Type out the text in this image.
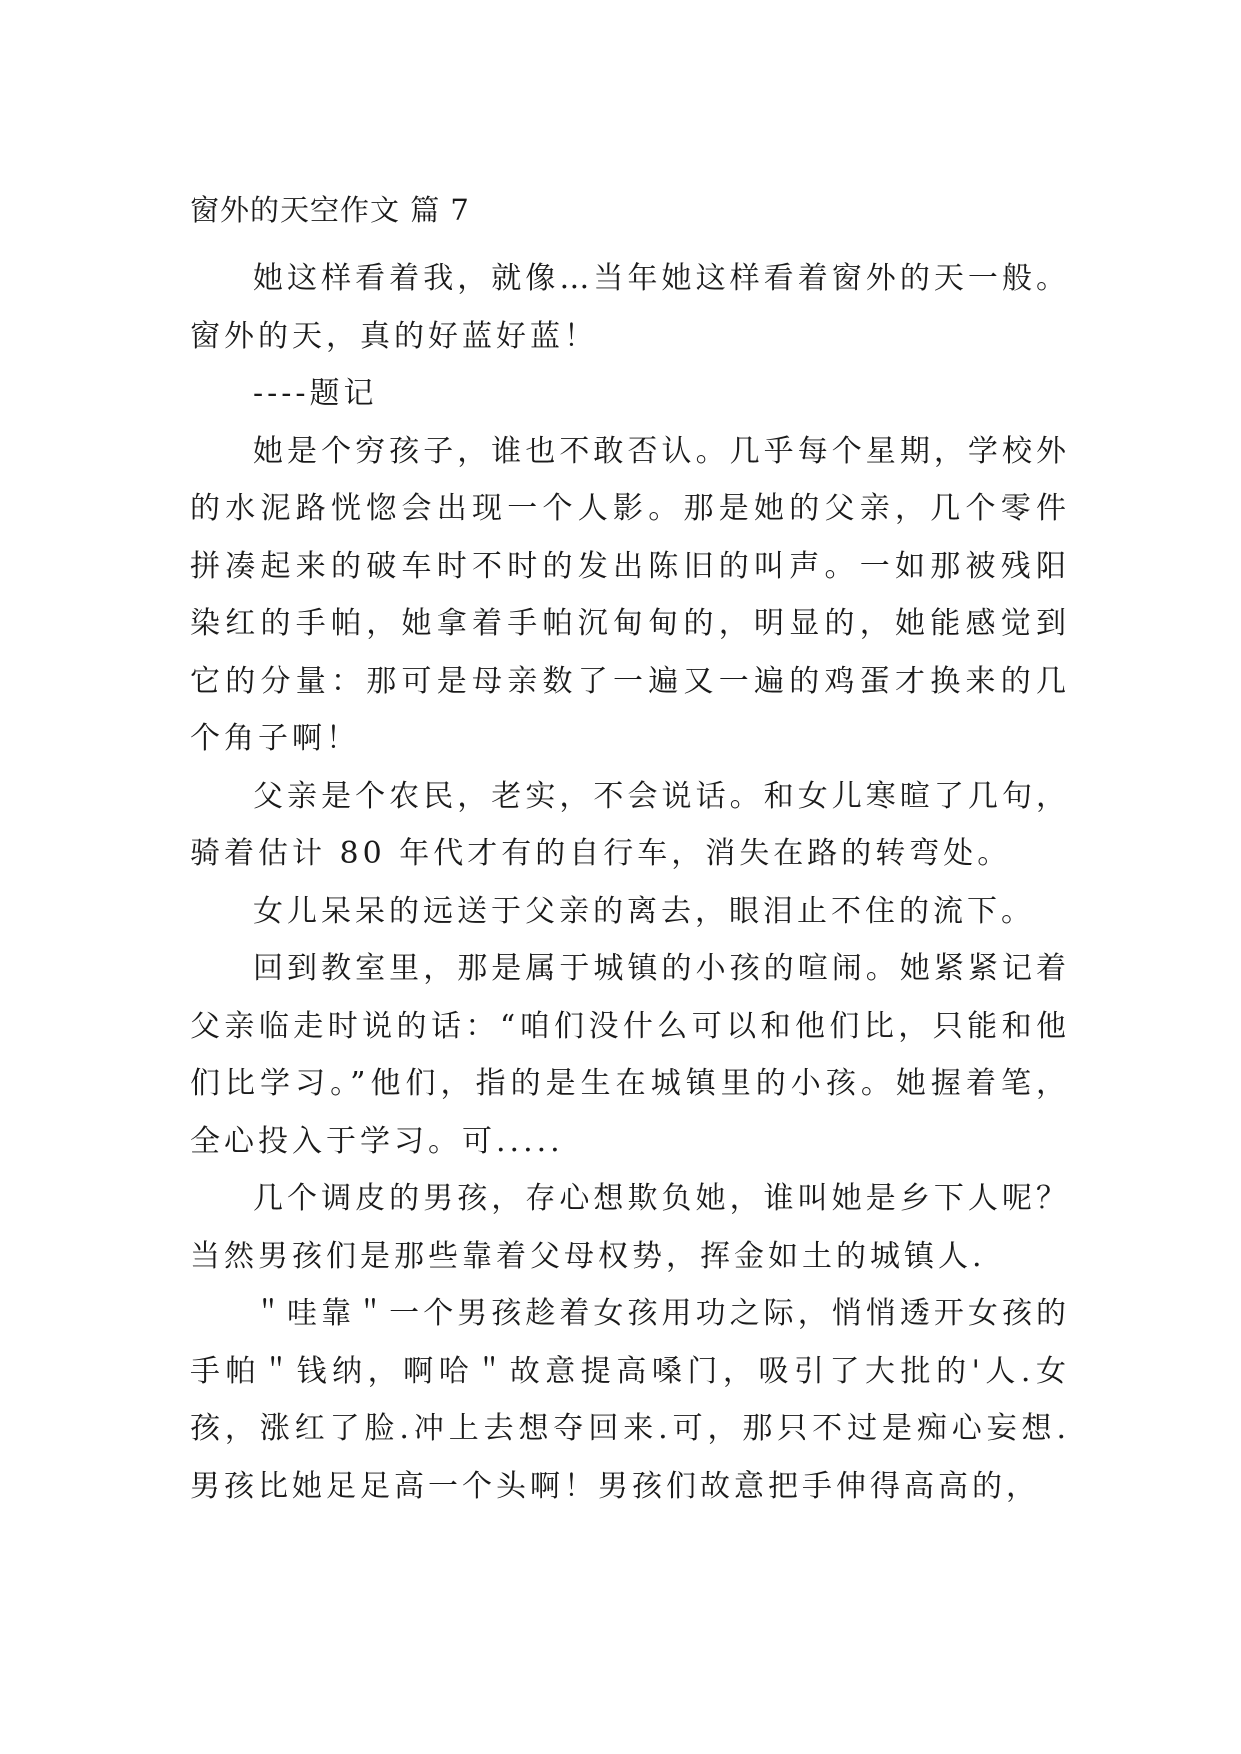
窗外的天空作文 篇 7

她这样看着我，就像…当年她这样看着窗外的天一般。窗外的天，真的好蓝好蓝！

----题记

她是个穷孩子，谁也不敢否认。几乎每个星期，学校外的水泥路恍惚会出现一个人影。那是她的父亲，几个零件拼凑起来的破车时不时的发出陈旧的叫声。一如那被残阳染红的手帕，她拿着手帕沉甸甸的，明显的，她能感觉到它的分量：那可是母亲数了一遍又一遍的鸡蛋才换来的几个角子啊！

父亲是个农民，老实，不会说话。和女儿寒暄了几句，骑着估计 80 年代才有的自行车，消失在路的转弯处。

女儿呆呆的远送于父亲的离去，眼泪止不住的流下。

回到教室里，那是属于城镇的小孩的喧闹。她紧紧记着父亲临走时说的话：“咱们没什么可以和他们比，只能和他们比学习。”他们，指的是生在城镇里的小孩。她握着笔，全心投入于学习。可.....

几个调皮的男孩，存心想欺负她，谁叫她是乡下人呢？当然男孩们是那些靠着父母权势，挥金如土的城镇人.

＂哇靠＂一个男孩趁着女孩用功之际，悄悄透开女孩的手帕＂钱纳，啊哈＂故意提高嗓门，吸引了大批的'人.女孩，涨红了脸.冲上去想夺回来.可，那只不过是痴心妄想.男孩比她足足高一个头啊！男孩们故意把手伸得高高的，
